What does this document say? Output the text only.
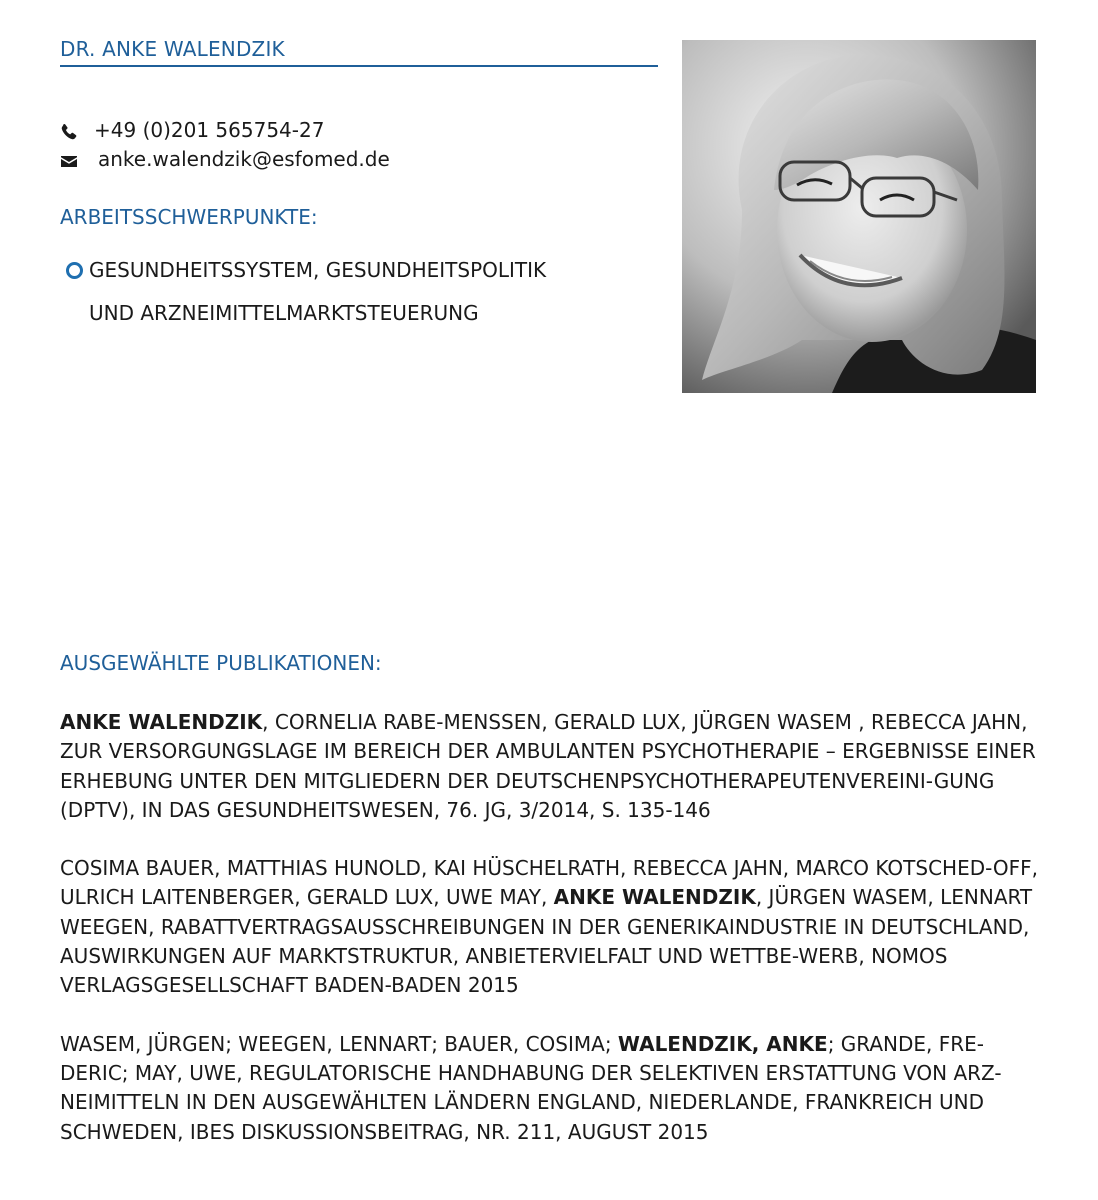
DR. ANKE WALENDZIK
+49 (0)201 565754-27
anke.walendzik@esfomed.de
ARBEITSSCHWERPUNKTE:
GESUNDHEITSSYSTEM, GESUNDHEITSPOLITIK
UND ARZNEIMITTELMARKTSTEUERUNG
AUSGEWÄHLTE PUBLIKATIONEN:

ANKE WALENDZIK, CORNELIA RABE-MENSSEN, GERALD LUX, JÜRGEN WASEM , REBECCA JAHN, ZUR VERSORGUNGSLAGE IM BEREICH DER AMBULANTEN PSYCHOTHERAPIE – ERGEBNISSE EINER ERHEBUNG UNTER DEN MITGLIEDERN DER DEUTSCHENPSYCHOTHERAPEUTENVEREINI-GUNG (DPTV), IN DAS GESUNDHEITSWESEN, 76. JG, 3/2014, S. 135-146

COSIMA BAUER, MATTHIAS HUNOLD, KAI HÜSCHELRATH, REBECCA JAHN, MARCO KOTSCHED-OFF, ULRICH LAITENBERGER, GERALD LUX, UWE MAY, ANKE WALENDZIK, JÜRGEN WASEM, LENNART WEEGEN, RABATTVERTRAGSAUSSCHREIBUNGEN IN DER GENERIKAINDUSTRIE IN DEUTSCHLAND, AUSWIRKUNGEN AUF MARKTSTRUKTUR, ANBIETERVIELFALT UND WETTBE-WERB, NOMOS VERLAGSGESELLSCHAFT BADEN-BADEN 2015

WASEM, JÜRGEN; WEEGEN, LENNART; BAUER, COSIMA; WALENDZIK, ANKE; GRANDE, FRE-DERIC; MAY, UWE, REGULATORISCHE HANDHABUNG DER SELEKTIVEN ERSTATTUNG VON ARZ-NEIMITTELN IN DEN AUSGEWÄHLTEN LÄNDERN ENGLAND, NIEDERLANDE, FRANKREICH UND SCHWEDEN, IBES DISKUSSIONSBEITRAG, NR. 211, AUGUST 2015
